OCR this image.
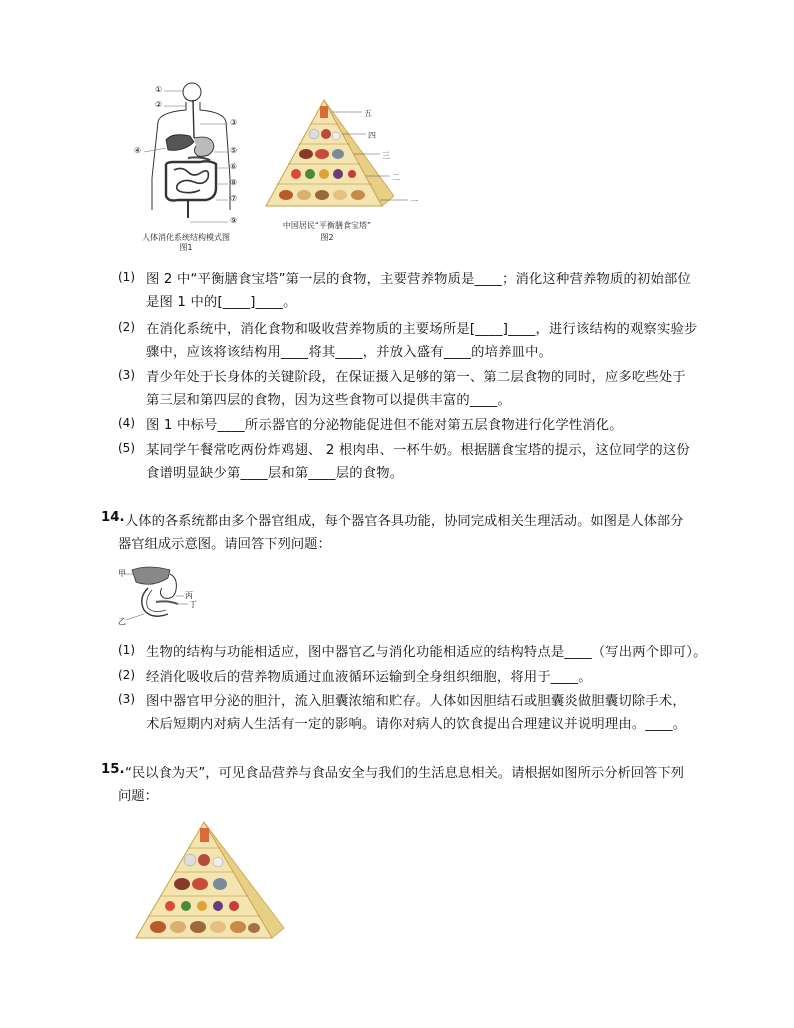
①
②
③
④	⑤
⑥
⑧
⑦
⑨
人体消化系统结构模式图
图1
五
四
三
二
一
中国居民“平衡膳食宝塔”
图2
(1) 图 2 中“平衡膳食宝塔”第一层的食物，主要营养物质是____；消化这种营养物质的初始部位
是图 1 中的[____]____。
(2) 在消化系统中，消化食物和吸收营养物质的主要场所是[____]____，进行该结构的观察实验步
骤中，应该将该结构用____将其____，并放入盛有____的培养皿中。
(3) 青少年处于长身体的关键阶段，在保证摄入足够的第一、第二层食物的同时，应多吃些处于
第三层和第四层的食物，因为这些食物可以提供丰富的____。
(4) 图 1 中标号____所示器官的分泌物能促进但不能对第五层食物进行化学性消化。
(5) 某同学午餐常吃两份炸鸡翅、 2 根肉串、一杯牛奶。根据膳食宝塔的提示，这位同学的这份
食谱明显缺少第____层和第____层的食物。
14. 人体的各系统都由多个器官组成，每个器官各具功能，协同完成相关生理活动。如图是人体部分
器官组成示意图。请回答下列问题：
甲
丙
丁
乙
(1) 生物的结构与功能相适应，图中器官乙与消化功能相适应的结构特点是____（写出两个即可）。
(2) 经消化吸收后的营养物质通过血液循环运输到全身组织细胞，将用于____。
(3) 图中器官甲分泌的胆汁，流入胆囊浓缩和贮存。人体如因胆结石或胆囊炎做胆囊切除手术，
术后短期内对病人生活有一定的影响。请你对病人的饮食提出合理建议并说明理由。____。
15. “民以食为天”，可见食品营养与食品安全与我们的生活息息相关。请根据如图所示分析回答下列
问题：
